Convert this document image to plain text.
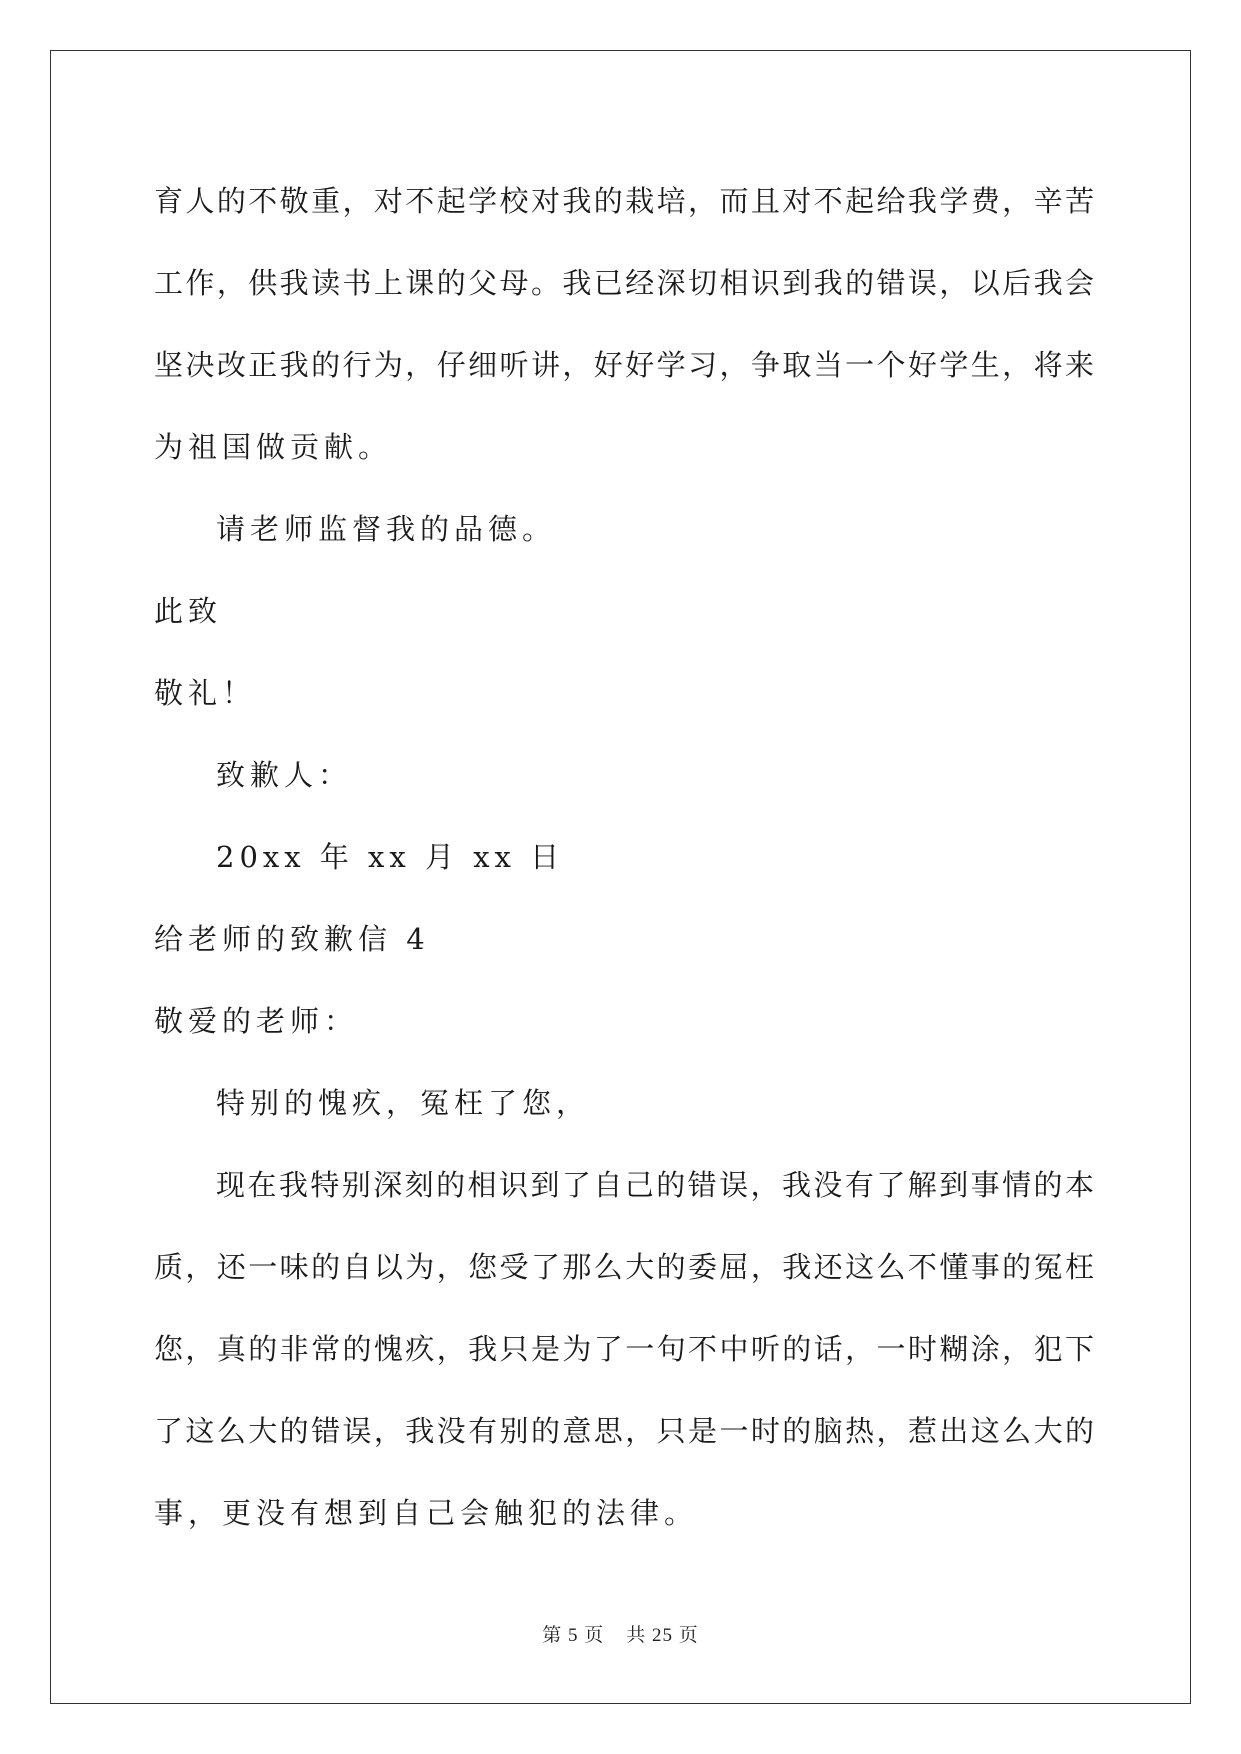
育人的不敬重，对不起学校对我的栽培，而且对不起给我学费，辛苦
工作，供我读书上课的父母。我已经深切相识到我的错误，以后我会
坚决改正我的行为，仔细听讲，好好学习，争取当一个好学生，将来
为祖国做贡献。
请老师监督我的品德。
此致
敬礼！
致歉人：
20xx 年 xx 月 xx 日
给老师的致歉信 4
敬爱的老师：
特别的愧疚，冤枉了您，
现在我特别深刻的相识到了自己的错误，我没有了解到事情的本
质，还一味的自以为，您受了那么大的委屈，我还这么不懂事的冤枉
您，真的非常的愧疚，我只是为了一句不中听的话，一时糊涂，犯下
了这么大的错误，我没有别的意思，只是一时的脑热，惹出这么大的
事，更没有想到自己会触犯的法律。
第 5 页 共 25 页
